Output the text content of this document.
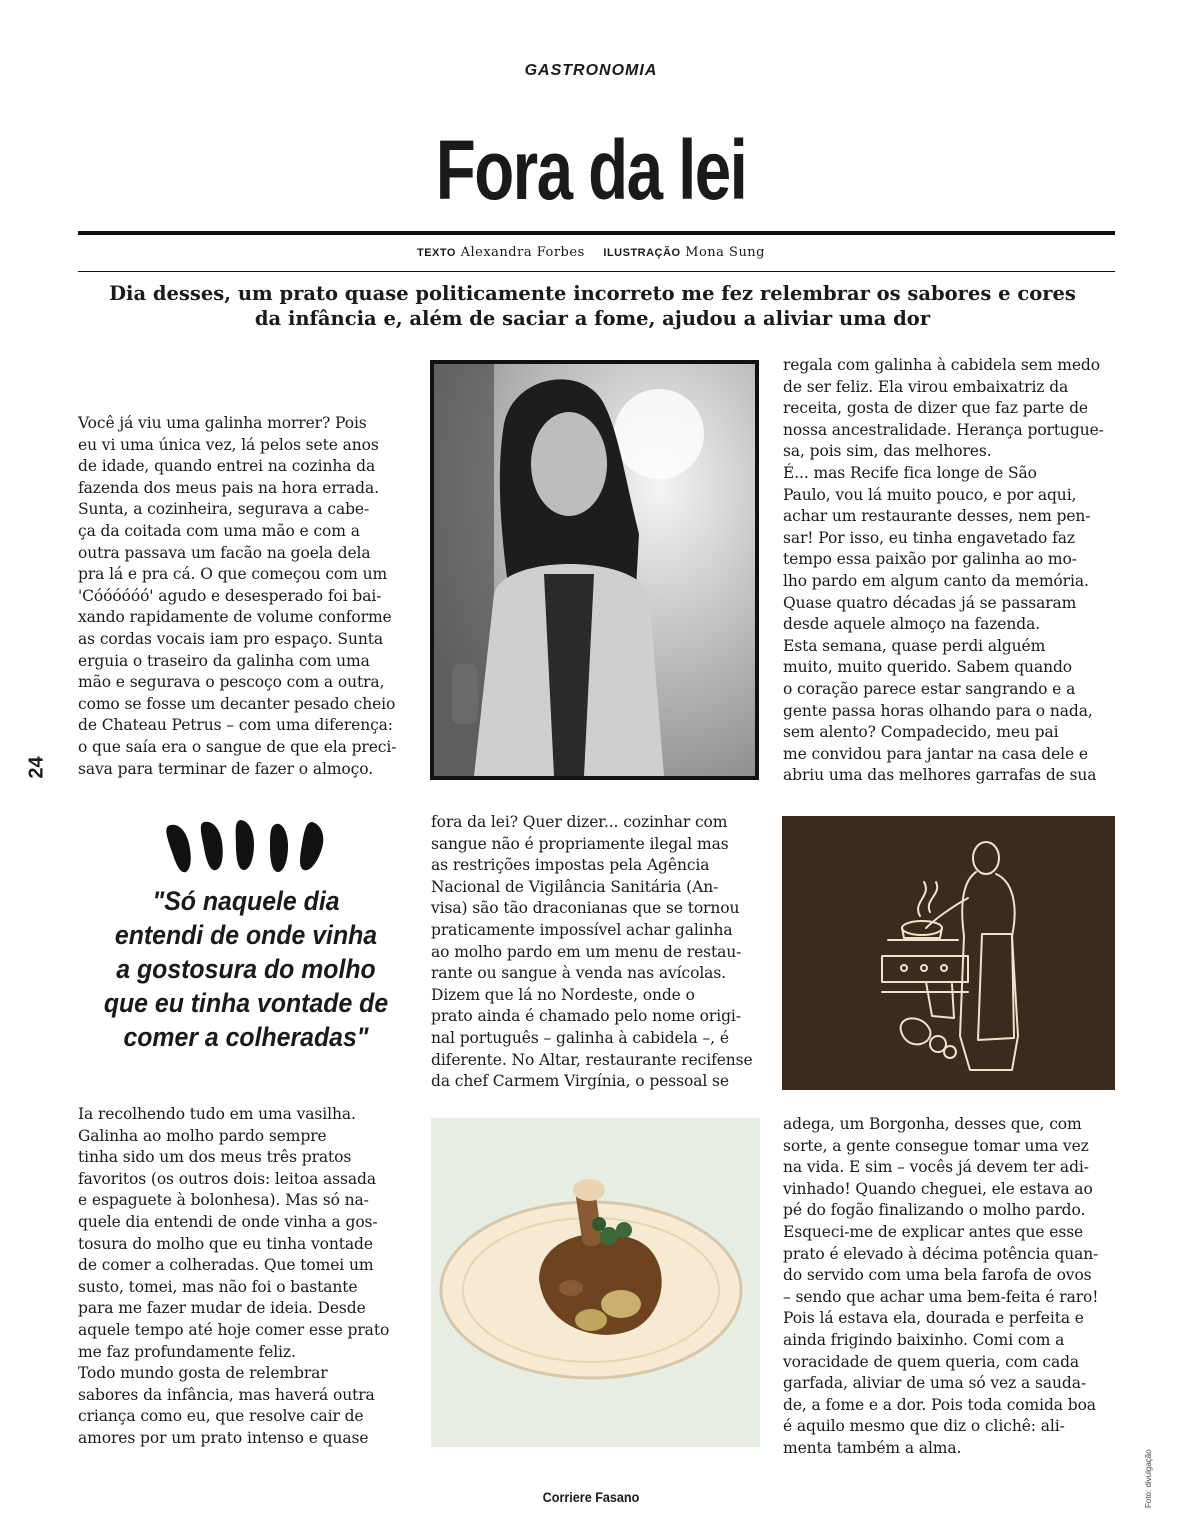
GASTRONOMIA
Fora da lei
TEXTO Alexandra Forbes ILUSTRAÇÃO Mona Sung
Dia desses, um prato quase politicamente incorreto me fez relembrar os sabores e cores da infância e, além de saciar a fome, ajudou a aliviar uma dor
24

Você já viu uma galinha morrer? Pois
eu vi uma única vez, lá pelos sete anos
de idade, quando entrei na cozinha da
fazenda dos meus pais na hora errada.
Sunta, a cozinheira, segurava a cabe-
ça da coitada com uma mão e com a
outra passava um facão na goela dela
pra lá e pra cá. O que começou com um
'Cóóóóóó' agudo e desesperado foi bai-
xando rapidamente de volume conforme
as cordas vocais iam pro espaço. Sunta
erguia o traseiro da galinha com uma
mão e segurava o pescoço com a outra,
como se fosse um decanter pesado cheio
de Chateau Petrus – com uma diferença:
o que saía era o sangue de que ela preci-
sava para terminar de fazer o almoço.

"Só naquele dia
entendi de onde vinha
a gostosura do molho
que eu tinha vontade de
comer a colheradas"

Ia recolhendo tudo em uma vasilha.
Galinha ao molho pardo sempre
tinha sido um dos meus três pratos
favoritos (os outros dois: leitoa assada
e espaguete à bolonhesa). Mas só na-
quele dia entendi de onde vinha a gos-
tosura do molho que eu tinha vontade
de comer a colheradas. Que tomei um
susto, tomei, mas não foi o bastante
para me fazer mudar de ideia. Desde
aquele tempo até hoje comer esse prato
me faz profundamente feliz.
Todo mundo gosta de relembrar
sabores da infância, mas haverá outra
criança como eu, que resolve cair de
amores por um prato intenso e quase

fora da lei? Quer dizer... cozinhar com
sangue não é propriamente ilegal mas
as restrições impostas pela Agência
Nacional de Vigilância Sanitária (An-
visa) são tão draconianas que se tornou
praticamente impossível achar galinha
ao molho pardo em um menu de restau-
rante ou sangue à venda nas avícolas.
Dizem que lá no Nordeste, onde o
prato ainda é chamado pelo nome origi-
nal português – galinha à cabidela –, é
diferente. No Altar, restaurante recifense
da chef Carmem Virgínia, o pessoal se

regala com galinha à cabidela sem medo
de ser feliz. Ela virou embaixatriz da
receita, gosta de dizer que faz parte de
nossa ancestralidade. Herança portugue-
sa, pois sim, das melhores.
É... mas Recife fica longe de São
Paulo, vou lá muito pouco, e por aqui,
achar um restaurante desses, nem pen-
sar! Por isso, eu tinha engavetado faz
tempo essa paixão por galinha ao mo-
lho pardo em algum canto da memória.
Quase quatro décadas já se passaram
desde aquele almoço na fazenda.
Esta semana, quase perdi alguém
muito, muito querido. Sabem quando
o coração parece estar sangrando e a
gente passa horas olhando para o nada,
sem alento? Compadecido, meu pai
me convidou para jantar na casa dele e
abriu uma das melhores garrafas de sua

adega, um Borgonha, desses que, com
sorte, a gente consegue tomar uma vez
na vida. E sim – vocês já devem ter adi-
vinhado! Quando cheguei, ele estava ao
pé do fogão finalizando o molho pardo.
Esqueci-me de explicar antes que esse
prato é elevado à décima potência quan-
do servido com uma bela farofa de ovos
– sendo que achar uma bem-feita é raro!
Pois lá estava ela, dourada e perfeita e
ainda frigindo baixinho. Comi com a
voracidade de quem queria, com cada
garfada, aliviar de uma só vez a sauda-
de, a fome e a dor. Pois toda comida boa
é aquilo mesmo que diz o clichê: ali-
menta também a alma.

Foto: divulgação
Corriere Fasano
